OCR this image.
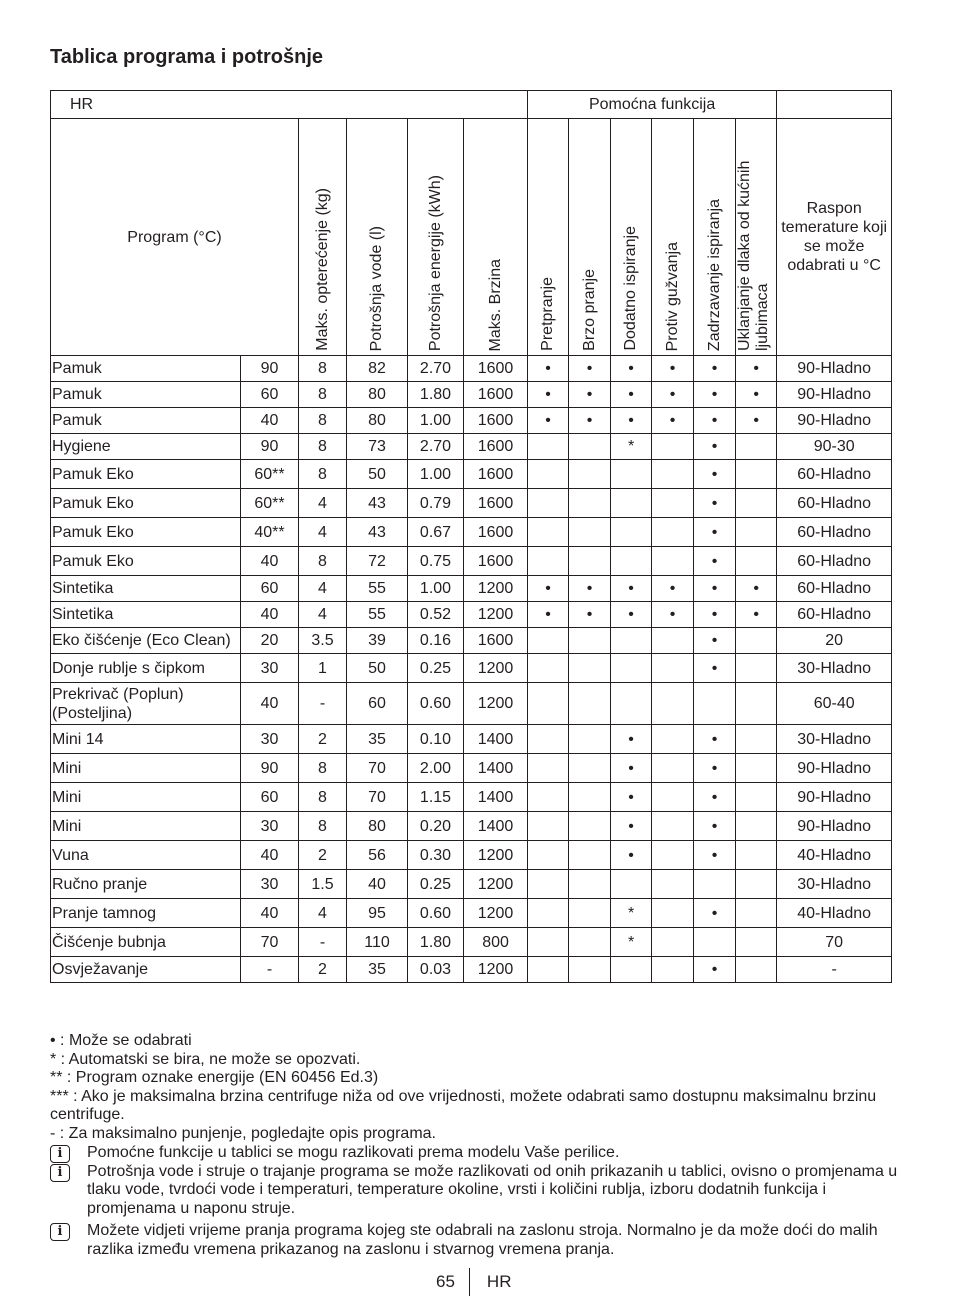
Tablica programa i potrošnje
HR						Pomoćna funkcija						
Program (°C)		Maks. opterećenje (kg)	Potrošnja vode (l)	Potrošnja energije (kWh)	Maks. Brzina	Pretpranje	Brzo pranje	Dodatno ispiranje	Protiv gužvanja	Zadrzavanje ispiranja	Uklanjanje dlaka od kućnih ljubimaca	Raspon temerature koji se može odabrati u °C
Pamuk	90	8	82	2.70	1600	•	•	•	•	•	•	90-Hladno
Pamuk	60	8	80	1.80	1600	•	•	•	•	•	•	90-Hladno
Pamuk	40	8	80	1.00	1600	•	•	•	•	•	•	90-Hladno
Hygiene	90	8	73	2.70	1600			*		•		90-30
Pamuk Eko	60**	8	50	1.00	1600					•		60-Hladno
Pamuk Eko	60**	4	43	0.79	1600					•		60-Hladno
Pamuk Eko	40**	4	43	0.67	1600					•		60-Hladno
Pamuk Eko	40	8	72	0.75	1600					•		60-Hladno
Sintetika	60	4	55	1.00	1200	•	•	•	•	•	•	60-Hladno
Sintetika	40	4	55	0.52	1200	•	•	•	•	•	•	60-Hladno
Eko čišćenje (Eco Clean)	20	3.5	39	0.16	1600					•		20
Donje rublje s čipkom	30	1	50	0.25	1200					•		30-Hladno
Prekrivač (Poplun) (Posteljina)	40	-	60	0.60	1200							60-40
Mini 14	30	2	35	0.10	1400			•		•		30-Hladno
Mini	90	8	70	2.00	1400			•		•		90-Hladno
Mini	60	8	70	1.15	1400			•		•		90-Hladno
Mini	30	8	80	0.20	1400			•		•		90-Hladno
Vuna	40	2	56	0.30	1200			•		•		40-Hladno
Ručno pranje	30	1.5	40	0.25	1200							30-Hladno
Pranje tamnog	40	4	95	0.60	1200			*		•		40-Hladno
Čišćenje bubnja	70	-	110	1.80	800			*				70
Osvježavanje	-	2	35	0.03	1200					•		-

• : Može se odabrati

* : Automatski se bira, ne može se opozvati.

** : Program oznake energije (EN 60456 Ed.3)

*** : Ako je maksimalna brzina centrifuge niža od ove vrijednosti, možete odabrati samo dostupnu maksimalnu brzinu centrifuge.

- : Za maksimalno punjenje, pogledajte opis programa.

i	Pomoćne funkcije u tablici se mogu razlikovati prema modelu Vaše perilice.

i	Potrošnja vode i struje o trajanje programa se može razlikovati od onih prikazanih u tablici, ovisno o promjenama u tlaku vode, tvrdoći vode i temperaturi, temperature okoline, vrsti i količini rublja, izboru dodatnih funkcija i promjenama u naponu struje.

i	Možete vidjeti vrijeme pranja programa kojeg ste odabrali na zaslonu stroja. Normalno je da može doći do malih razlika između vremena prikazanog na zaslonu i stvarnog vremena pranja.

65 HR
